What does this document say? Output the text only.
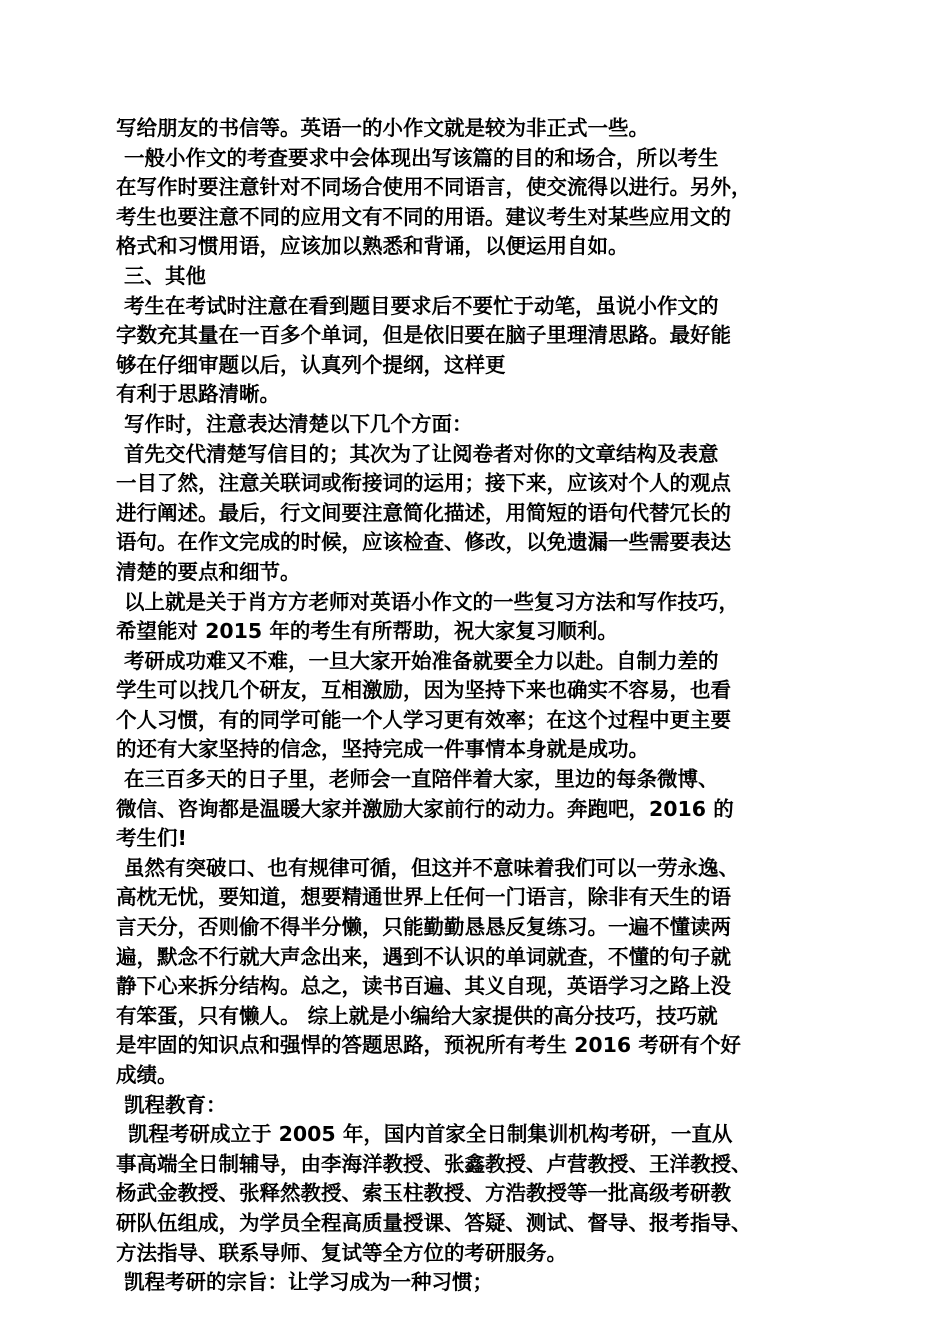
写给朋友的书信等。英语一的小作文就是较为非正式一些。
一般小作文的考查要求中会体现出写该篇的目的和场合，所以考生
在写作时要注意针对不同场合使用不同语言，使交流得以进行。另外，
考生也要注意不同的应用文有不同的用语。建议考生对某些应用文的
格式和习惯用语，应该加以熟悉和背诵，以便运用自如。
三、其他
考生在考试时注意在看到题目要求后不要忙于动笔，虽说小作文的
字数充其量在一百多个单词，但是依旧要在脑子里理清思路。最好能
够在仔细审题以后，认真列个提纲，这样更
有利于思路清晰。
写作时，注意表达清楚以下几个方面：
首先交代清楚写信目的；其次为了让阅卷者对你的文章结构及表意
一目了然，注意关联词或衔接词的运用；接下来，应该对个人的观点
进行阐述。最后，行文间要注意简化描述，用简短的语句代替冗长的
语句。在作文完成的时候，应该检查、修改，以免遗漏一些需要表达
清楚的要点和细节。
以上就是关于肖方方老师对英语小作文的一些复习方法和写作技巧，
希望能对 2015 年的考生有所帮助，祝大家复习顺利。
考研成功难又不难，一旦大家开始准备就要全力以赴。自制力差的
学生可以找几个研友，互相激励，因为坚持下来也确实不容易，也看
个人习惯，有的同学可能一个人学习更有效率；在这个过程中更主要
的还有大家坚持的信念，坚持完成一件事情本身就是成功。
在三百多天的日子里，老师会一直陪伴着大家，里边的每条微博、
微信、咨询都是温暖大家并激励大家前行的动力。奔跑吧，2016 的
考生们!
虽然有突破口、也有规律可循，但这并不意味着我们可以一劳永逸、
高枕无忧，要知道，想要精通世界上任何一门语言，除非有天生的语
言天分，否则偷不得半分懒，只能勤勤恳恳反复练习。一遍不懂读两
遍，默念不行就大声念出来，遇到不认识的单词就查，不懂的句子就
静下心来拆分结构。总之，读书百遍、其义自现，英语学习之路上没
有笨蛋，只有懒人。 综上就是小编给大家提供的高分技巧，技巧就
是牢固的知识点和强悍的答题思路，预祝所有考生 2016 考研有个好
成绩。
凯程教育：
凯程考研成立于 2005 年，国内首家全日制集训机构考研，一直从
事高端全日制辅导，由李海洋教授、张鑫教授、卢营教授、王洋教授、
杨武金教授、张释然教授、索玉柱教授、方浩教授等一批高级考研教
研队伍组成，为学员全程高质量授课、答疑、测试、督导、报考指导、
方法指导、联系导师、复试等全方位的考研服务。
凯程考研的宗旨：让学习成为一种习惯；
